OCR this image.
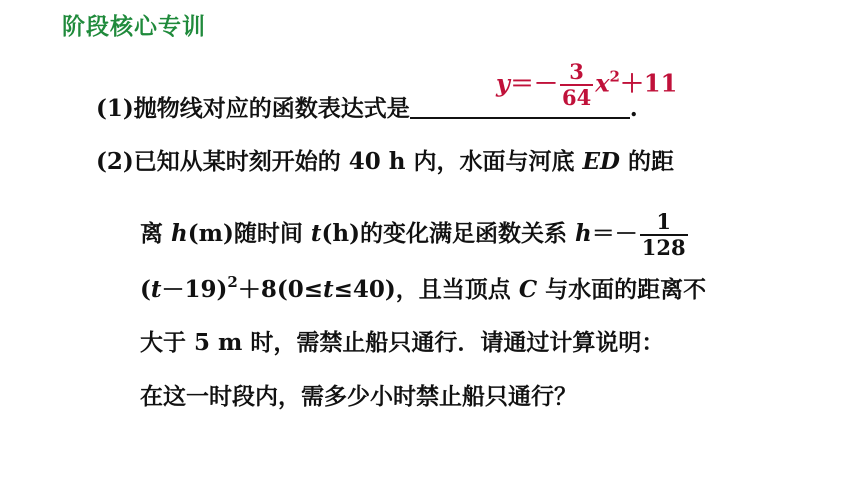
阶段核心专训
(1)抛物线对应的函数表达式是	.
$y=- \frac{3}{64} x^2+11$
(2)已知从某时刻开始的 40 h 内，水面与河底 ED 的距
离 h(m)随时间 t(h)的变化满足函数关系 $h=- \frac{1}{128}$
$(t-19)^2+8(0\le t\le 40)$，且当顶点 C 与水面的距离不
大于 5 m 时，需禁止船只通行．请通过计算说明：
在这一时段内，需多少小时禁止船只通行？
